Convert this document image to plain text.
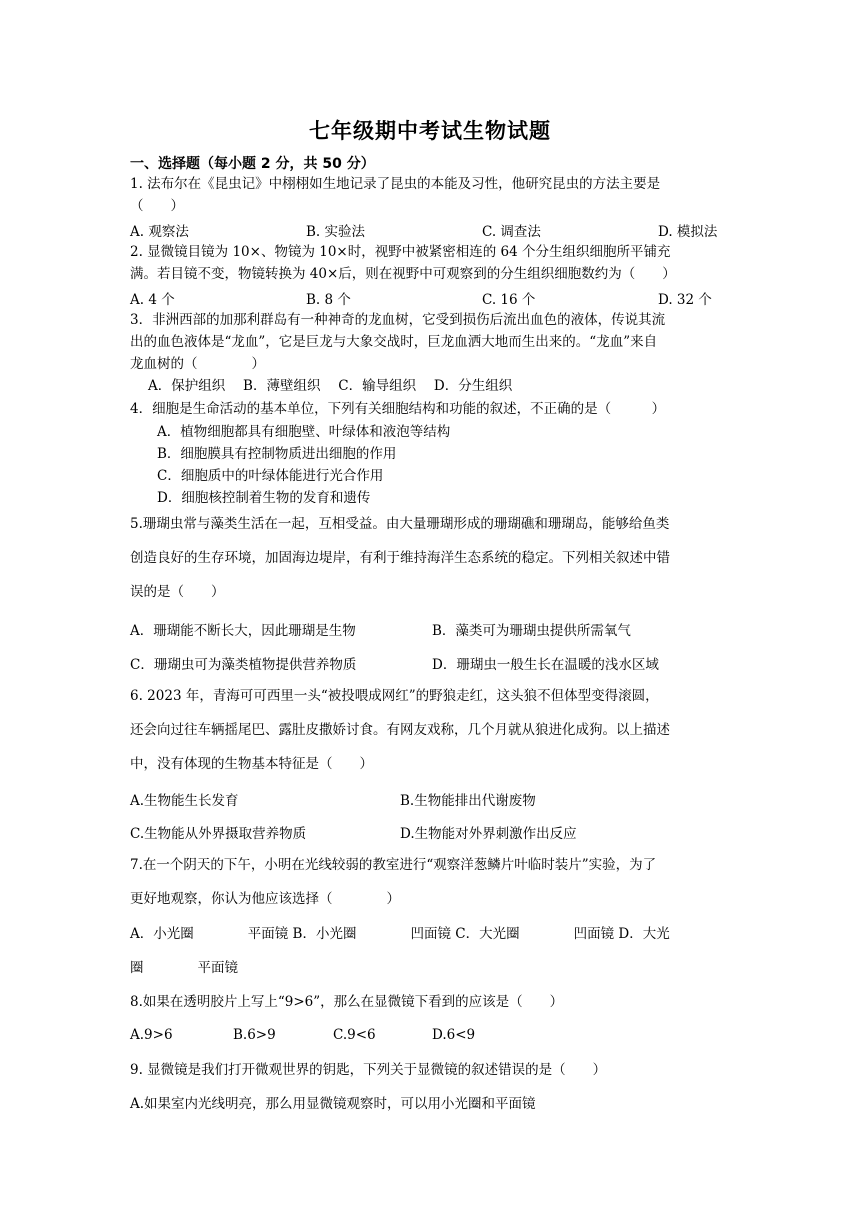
七年级期中考试生物试题
一、选择题（每小题 2 分，共 50 分）
1. 法布尔在《昆虫记》中栩栩如生地记录了昆虫的本能及习性，他研究昆虫的方法主要是
（　　）
A. 观察法	B. 实验法	C. 调查法	D. 模拟法
2. 显微镜目镜为 10×、物镜为 10×时，视野中被紧密相连的 64 个分生组织细胞所平铺充
满。若目镜不变，物镜转换为 40×后，则在视野中可观察到的分生组织细胞数约为（　　）
A. 4 个	B. 8 个	C. 16 个	D. 32 个
3．非洲西部的加那利群岛有一种神奇的龙血树，它受到损伤后流出血色的液体，传说其流
出的血色液体是“龙血”，它是巨龙与大象交战时，巨龙血洒大地而生出来的。“龙血”来自
龙血树的（　　　　）
A．保护组织　 B．薄壁组织　 C．输导组织　 D．分生组织
4．细胞是生命活动的基本单位，下列有关细胞结构和功能的叙述，不正确的是（　　　）
A．植物细胞都具有细胞壁、叶绿体和液泡等结构
B．细胞膜具有控制物质进出细胞的作用
C．细胞质中的叶绿体能进行光合作用
D．细胞核控制着生物的发育和遗传
5.珊瑚虫常与藻类生活在一起，互相受益。由大量珊瑚形成的珊瑚礁和珊瑚岛，能够给鱼类
创造良好的生存环境，加固海边堤岸，有利于维持海洋生态系统的稳定。下列相关叙述中错
误的是（　　）
A．珊瑚能不断长大，因此珊瑚是生物	B．藻类可为珊瑚虫提供所需氧气
C．珊瑚虫可为藻类植物提供营养物质	D．珊瑚虫一般生长在温暖的浅水区域
6. 2023 年，青海可可西里一头“被投喂成网红”的野狼走红，这头狼不但体型变得滚圆，
还会向过往车辆摇尾巴、露肚皮撒娇讨食。有网友戏称，几个月就从狼进化成狗。以上描述
中，没有体现的生物基本特征是（　　）
A.生物能生长发育	B.生物能排出代谢废物
C.生物能从外界摄取营养物质	D.生物能对外界刺激作出反应
7.在一个阴天的下午，小明在光线较弱的教室进行“观察洋葱鳞片叶临时装片”实验，为了
更好地观察，你认为他应该选择（　　　　）
A．小光圈　　　　平面镜 B．小光圈　　　　凹面镜 C．大光圈　　　　凹面镜 D．大光
圈　　　　平面镜
8.如果在透明胶片上写上“9>6”，那么在显微镜下看到的应该是（　　）
A.9>6	B.6>9	C.9<6	D.6<9
9. 显微镜是我们打开微观世界的钥匙，下列关于显微镜的叙述错误的是（　　）
A.如果室内光线明亮，那么用显微镜观察时，可以用小光圈和平面镜
